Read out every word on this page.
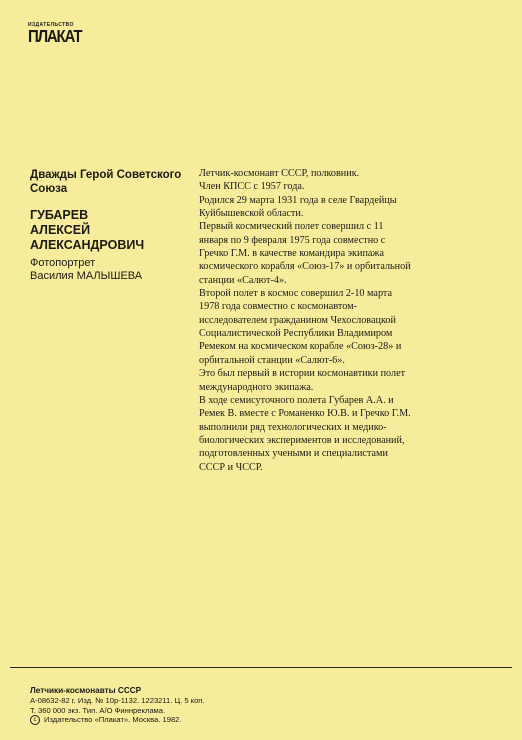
ИЗДАТЕЛЬСТВО
ПЛАКАТ
Дважды Герой Советского Союза
ГУБАРЕВ
АЛЕКСЕЙ
АЛЕКСАНДРОВИЧ
Фотопортрет
Василия МАЛЫШЕВА

Летчик-космонавт СССР, полковник.

Член КПСС с 1957 года.

Родился 29 марта 1931 года в селе Гвардейцы Куйбышевской области.

Первый космический полет совершил с 11 января по 9 февраля 1975 года совместно с Гречко Г.М. в качестве командира экипажа космического корабля «Союз-17» и орбитальной станции «Салют-4».

Второй полет в космос совершил 2-10 марта 1978 года совместно с космонавтом-исследователем гражданином Чехословацкой Социалистической Республики Владимиром Ремеком на космическом корабле «Союз-28» и орбитальной станции «Салют-6».

Это был первый в истории космонавтики полет международного экипажа.

В ходе семисуточного полета Губарев А.А. и Ремек В. вместе с Романенко Ю.В. и Гречко Г.М. выполнили ряд технологических и медико-биологических экспериментов и исследований, подготовленных учеными и специалистами СССР и ЧССР.

Летчики-космонавты СССР
А-08632-82 г. Изд. № 10р-1132. 1223211. Ц. 5 коп.
Т. 360 000 экз. Тип. А/О Финнреклама.
c Издательство «Плакат». Москва. 1982.
